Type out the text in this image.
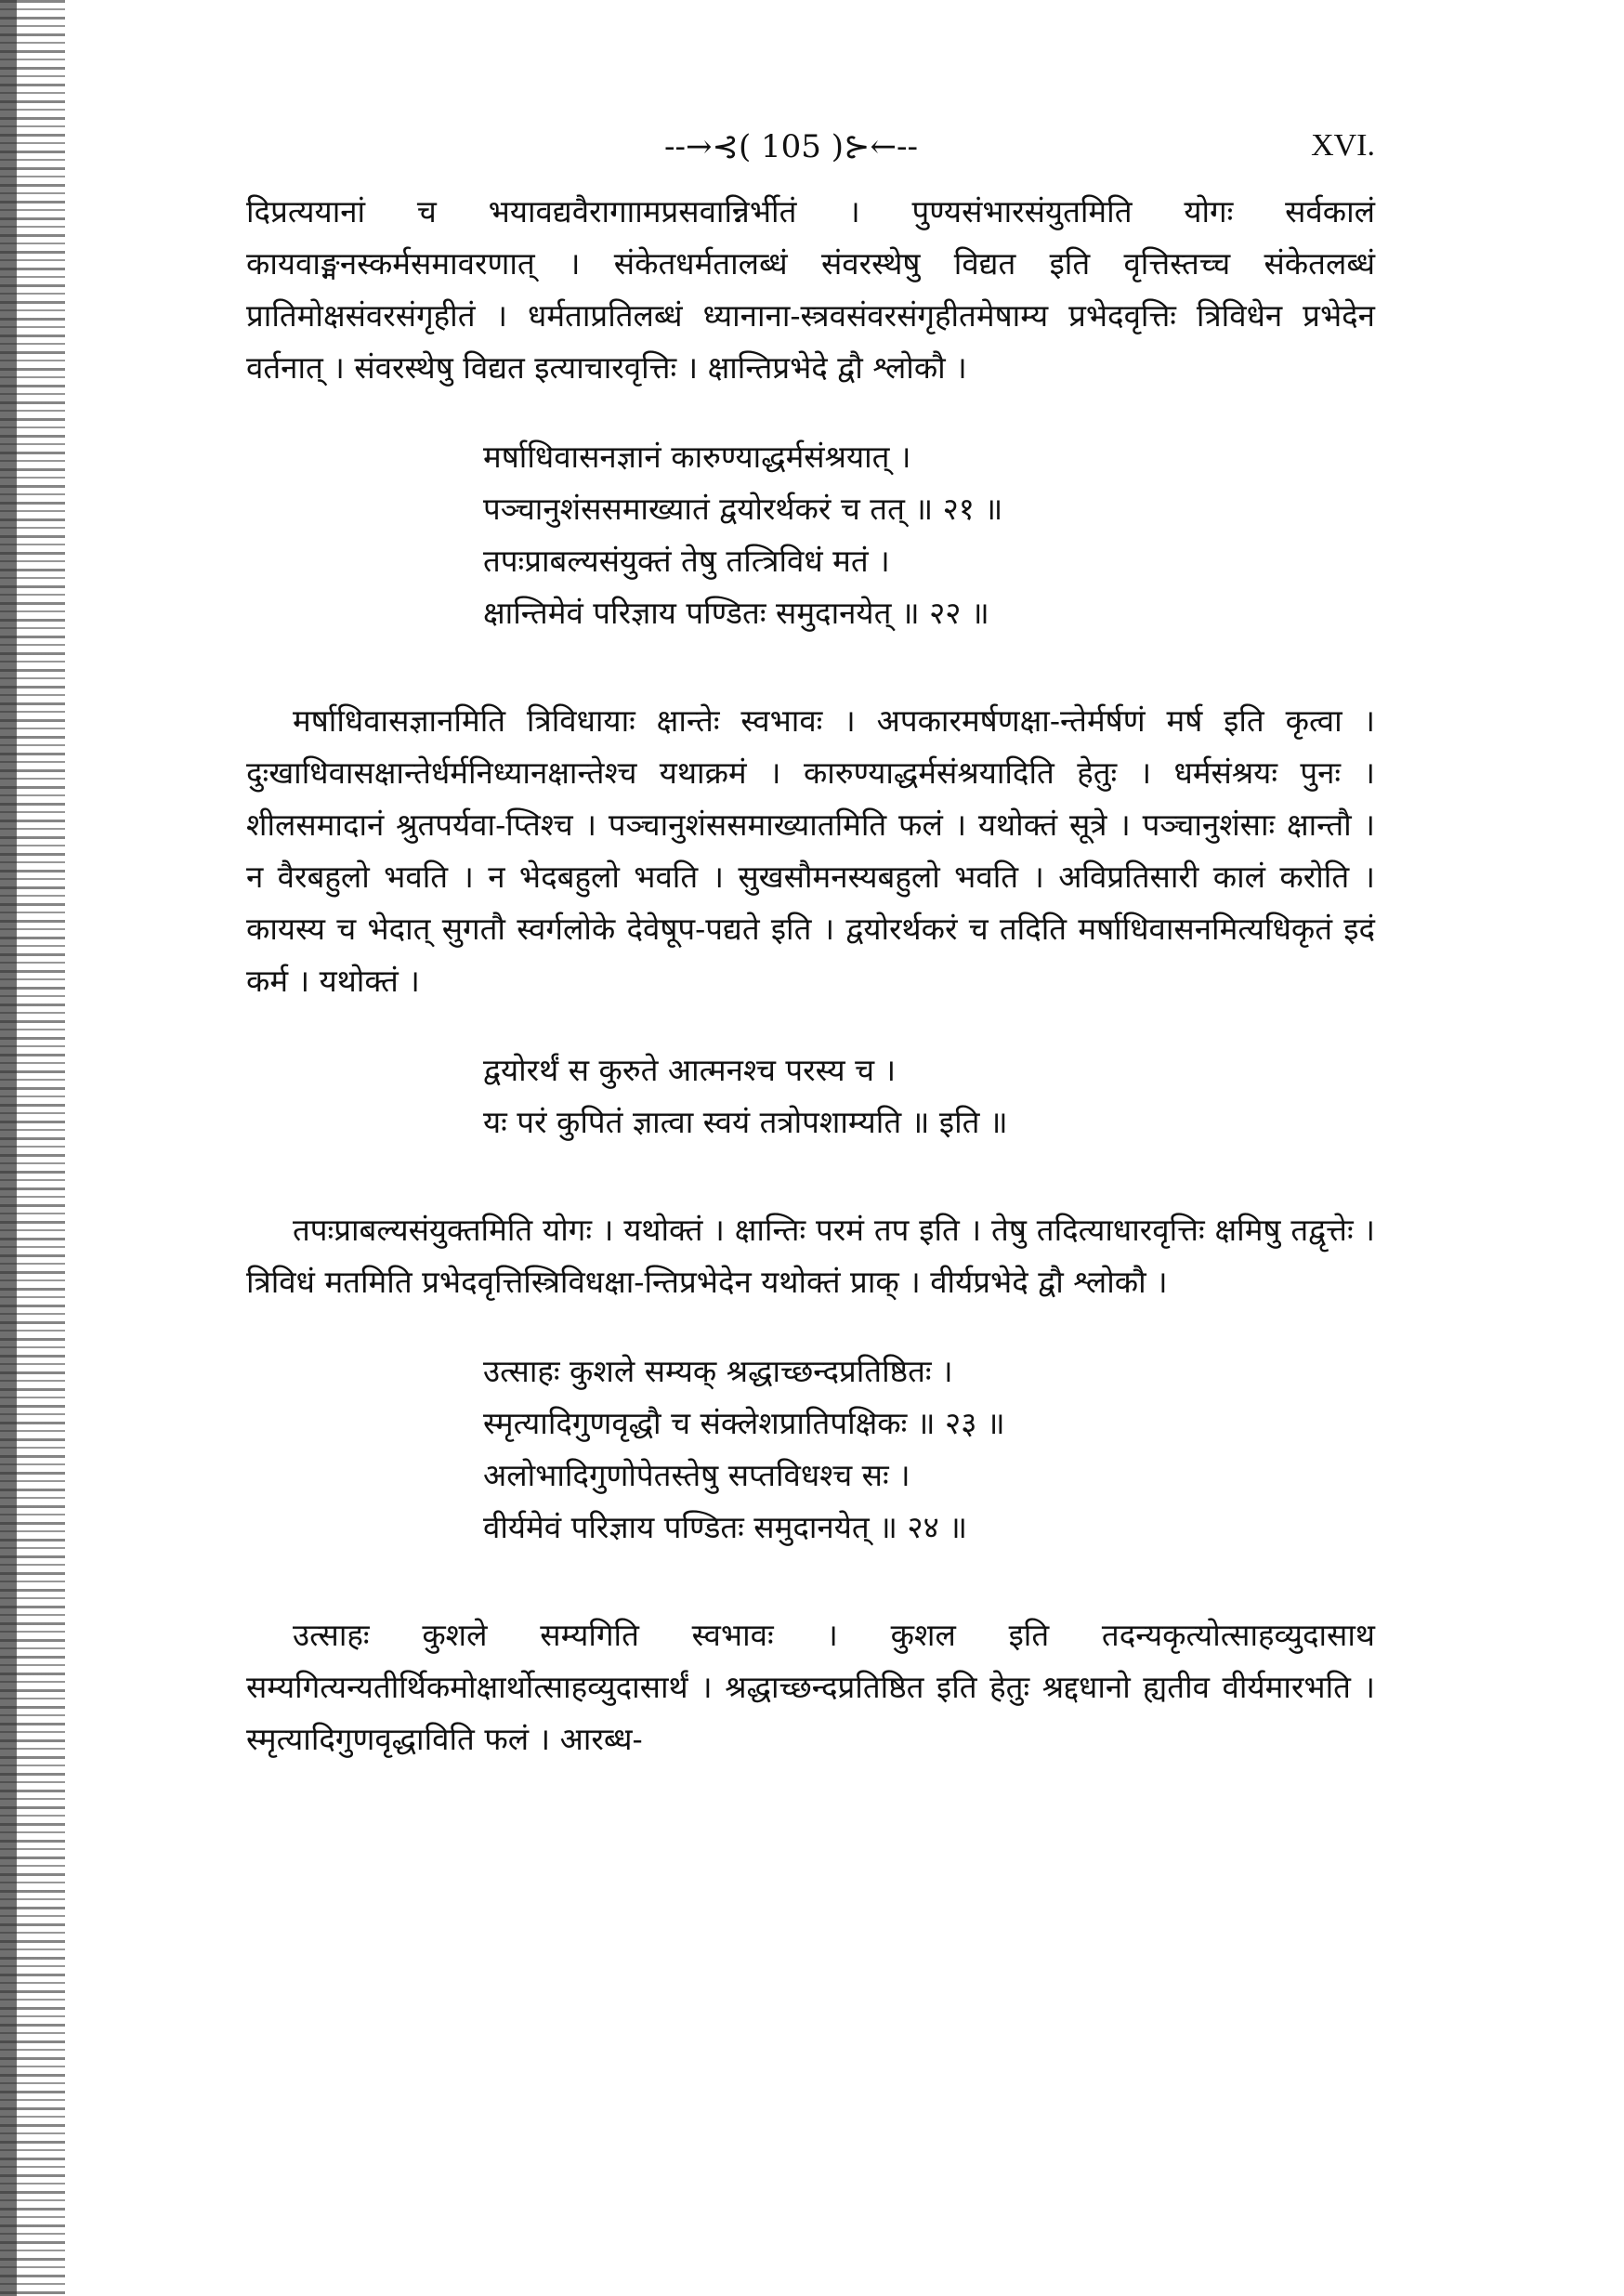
--→⊰( 105 )⊱←--	XVI.

दिप्रत्ययानां च भयावद्यवैरागाामप्रसवान्निर्भीतं । पुण्यसंभारसंयुतमिति योगः सर्वकालं कायवाङ्मनस्कर्मसमावरणात् । संकेतधर्मतालब्धं संवरस्थेषु विद्यत इति वृत्तिस्तच्च संकेतलब्धं प्रातिमोक्षसंवरसंगृहीतं । धर्मताप्रतिलब्धं ध्यानाना-स्त्रवसंवरसंगृहीतमेषाम्य प्रभेदवृत्तिः त्रिविधेन प्रभेदेन वर्तनात् । संवरस्थेषु विद्यत इत्याचारवृत्तिः । क्षान्तिप्रभेदे द्वौ श्लोकौ ।

मर्षाधिवासनज्ञानं कारुण्याद्धर्मसंश्रयात् ।
पञ्चानुशंससमाख्यातं द्वयोरर्थकरं च तत् ॥ २१ ॥
तपःप्राबल्यसंयुक्तं तेषु तत्त्रिविधं मतं ।
क्षान्तिमेवं परिज्ञाय पण्डितः समुदानयेत् ॥ २२ ॥

मर्षाधिवासज्ञानमिति त्रिविधायाः क्षान्तेः स्वभावः । अपकारमर्षणक्षा-न्तेर्मर्षणं मर्ष इति कृत्वा । दुःखाधिवासक्षान्तेर्धर्मनिध्यानक्षान्तेश्च यथाक्रमं । कारुण्याद्धर्मसंश्रयादिति हेतुः । धर्मसंश्रयः पुनः । शीलसमादानं श्रुतपर्यवा-प्तिश्च । पञ्चानुशंससमाख्यातमिति फलं । यथोक्तं सूत्रे । पञ्चानुशंसाः क्षान्तौ । न वैरबहुलो भवति । न भेदबहुलो भवति । सुखसौमनस्यबहुलो भवति । अविप्रतिसारी कालं करोति । कायस्य च भेदात् सुगतौ स्वर्गलोके देवेषूप-पद्यते इति । द्वयोरर्थकरं च तदिति मर्षाधिवासनमित्यधिकृतं इदं कर्म । यथोक्तं ।

द्वयोरर्थं स कुरुते आत्मनश्च परस्य च ।
यः परं कुपितं ज्ञात्वा स्वयं तत्रोपशाम्यति ॥ इति ॥

तपःप्राबल्यसंयुक्तमिति योगः । यथोक्तं । क्षान्तिः परमं तप इति । तेषु तदित्याधारवृत्तिः क्षमिषु तद्वृत्तेः । त्रिविधं मतमिति प्रभेदवृत्तिस्त्रिविधक्षा-न्तिप्रभेदेन यथोक्तं प्राक् । वीर्यप्रभेदे द्वौ श्लोकौ ।

उत्साहः कुशले सम्यक् श्रद्धाच्छन्दप्रतिष्ठितः ।
स्मृत्यादिगुणवृद्धौ च संक्लेशप्रातिपक्षिकः ॥ २३ ॥
अलोभादिगुणोपेतस्तेषु सप्तविधश्च सः ।
वीर्यमेवं परिज्ञाय पण्डितः समुदानयेत् ॥ २४ ॥

उत्साहः कुशले सम्यगिति स्वभावः । कुशल इति तदन्यकृत्योत्साहव्युदासाथ सम्यगित्यन्यतीर्थिकमोक्षार्थोत्साहव्युदासार्थं । श्रद्धाच्छन्दप्रतिष्ठित इति हेतुः श्रद्दधानो ह्यतीव वीर्यमारभति । स्मृत्यादिगुणवृद्धाविति फलं । आरब्ध-
